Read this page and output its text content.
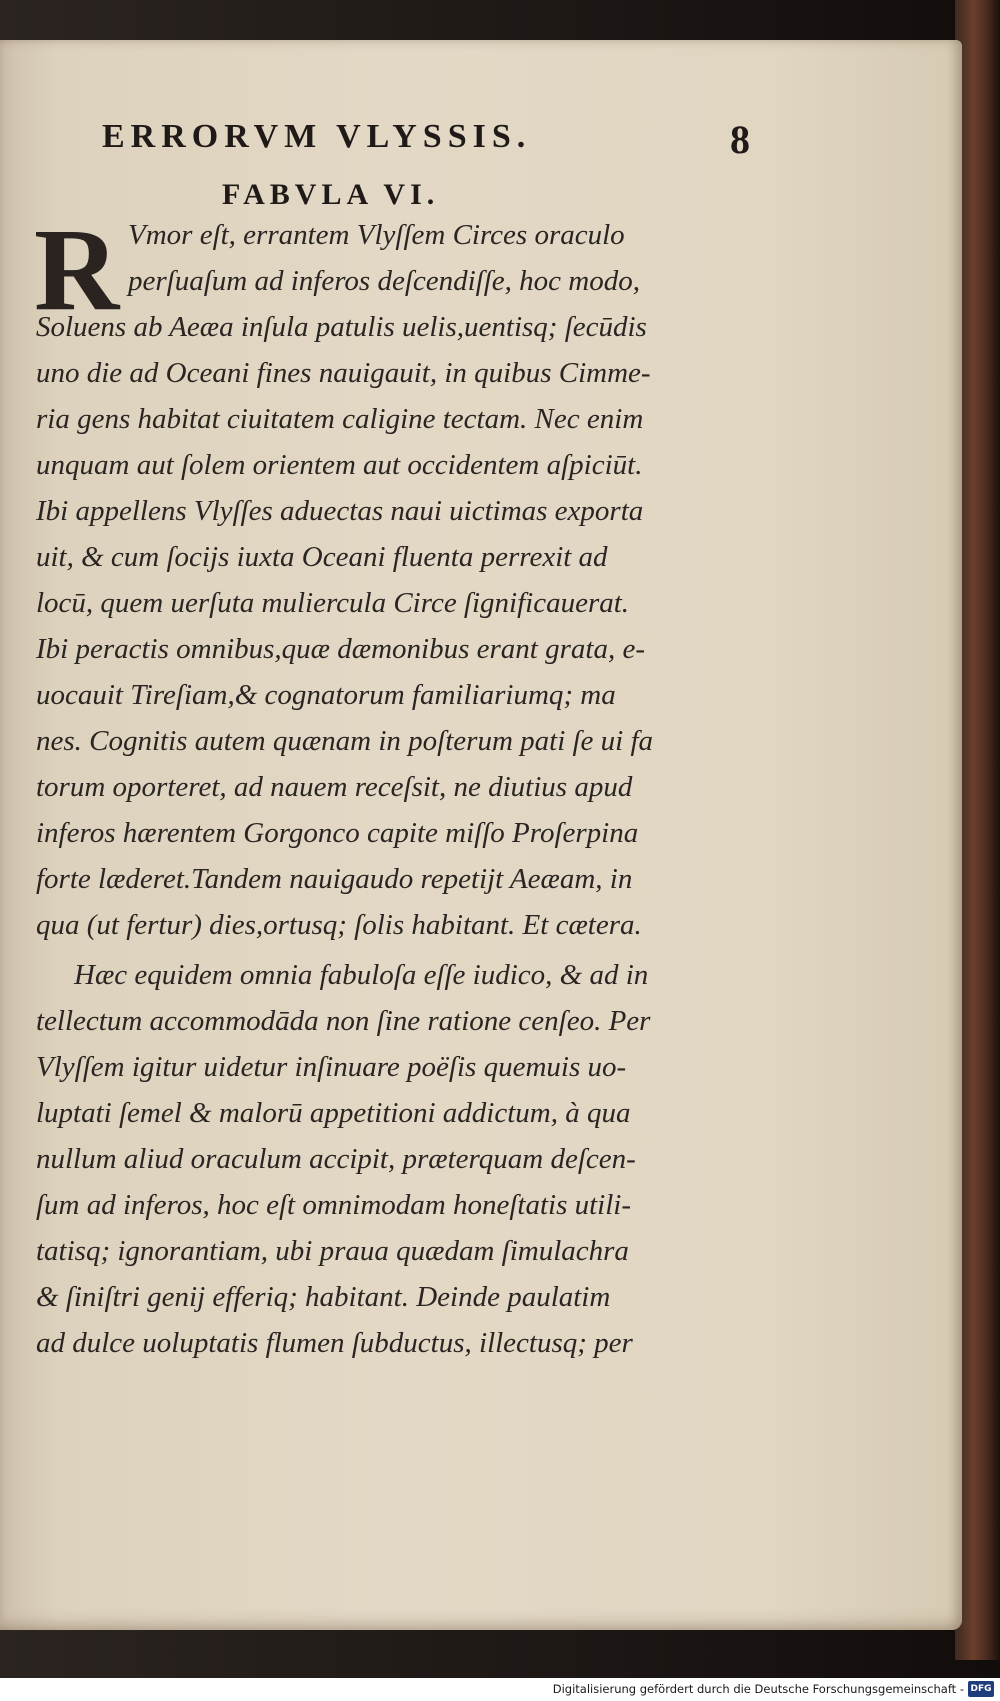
ERRORVM VLYSSIS.	8
FABVLA VI.
R Vmor eſt, errantem Vlyſſem Circes oraculo
perſuaſum ad inferos deſcendiſſe, hoc modo,
Soluens ab Aeæa inſula patulis uelis,uentisq; ſecūdis
uno die ad Oceani fines nauigauit, in quibus Cimme-
ria gens habitat ciuitatem caligine tectam. Nec enim
unquam aut ſolem orientem aut occidentem aſpiciūt.
Ibi appellens Vlyſſes aduectas naui uictimas exporta
uit, & cum ſocijs iuxta Oceani fluenta perrexit ad
locū, quem uerſuta muliercula Circe ſignificauerat.
Ibi peractis omnibus,quæ dæmonibus erant grata, e-
uocauit Tireſiam,& cognatorum familiariumq; ma
nes. Cognitis autem quænam in poſterum pati ſe ui fa
torum oporteret, ad nauem receſsit, ne diutius apud
inferos hærentem Gorgonco capite miſſo Proſerpina
forte læderet.Tandem nauigaudo repetijt Aeæam, in
qua (ut fertur) dies,ortusq; ſolis habitant. Et cætera.
Hæc equidem omnia fabuloſa eſſe iudico, & ad in
tellectum accommodāda non ſine ratione cenſeo. Per
Vlyſſem igitur uidetur inſinuare poëſis quemuis uo-
luptati ſemel & malorū appetitioni addictum, à qua
nullum aliud oraculum accipit, præterquam deſcen-
ſum ad inferos, hoc eſt omnimodam honeſtatis utili-
tatisq; ignorantiam, ubi praua quædam ſimulachra
& ſiniſtri genij efferiq; habitant. Deinde paulatim
ad dulce uoluptatis flumen ſubductus, illectusq; per
Digitalisierung gefördert durch die Deutsche Forschungsgemeinschaft - DFG
